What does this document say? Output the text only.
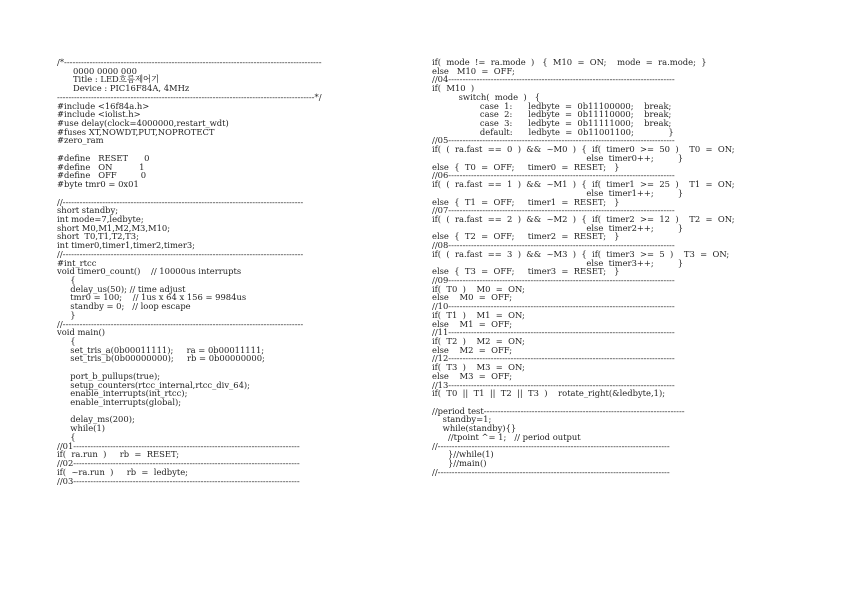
/*-------------------------------------------------------------------------------------------
0000 0000 000
Title : LED흐름제어기
Device : PIC16F84A, 4MHz
-------------------------------------------------------------------------------------------*/
#include <16f84a.h>
#include <iolist.h>
#use delay(clock=4000000,restart_wdt)
#fuses XT,NOWDT,PUT,NOPROTECT
#zero_ram
#define   RESET      0
#define   ON          1
#define   OFF         0
#byte tmr0 = 0x01
//-------------------------------------------------------------------------------------
short standby;
int mode=7,ledbyte;
short M0,M1,M2,M3,M10;
short  T0,T1,T2,T3;
int timer0,timer1,timer2,timer3;
//-------------------------------------------------------------------------------------
#int_rtcc
void timer0_count()    // 10000us interrupts
{
delay_us(50); // time adjust
tmr0 = 100;    // 1us x 64 x 156 = 9984us
standby = 0;   // loop escape
}
//-------------------------------------------------------------------------------------
void main()
{
set_tris_a(0b00011111);     ra = 0b00011111;
set_tris_b(0b00000000);     rb = 0b00000000;
port_b_pullups(true);
setup_counters(rtcc_internal,rtcc_div_64);
enable_interrupts(int_rtcc);
enable_interrupts(global);
delay_ms(200);
while(1)
{
//01--------------------------------------------------------------------------------
if(  ra.run  )     rb  =  RESET;
//02--------------------------------------------------------------------------------
if(  ~ra.run  )     rb  =  ledbyte;
//03--------------------------------------------------------------------------------
if(  mode  !=  ra.mode  )   {  M10  =  ON;    mode  =  ra.mode;  }
else   M10  =  OFF;
//04--------------------------------------------------------------------------------
if(  M10  )
switch(  mode  )   {
case  1:      ledbyte  =  0b11100000;    break;
case  2:      ledbyte  =  0b11110000;    break;
case  3:      ledbyte  =  0b11111000;    break;
default:      ledbyte  =  0b11001100;             }
//05--------------------------------------------------------------------------------
if(  (  ra.fast  ==  0  )  &&  ~M0  )  {  if(  timer0  >=  50  )    T0  =  ON;
else  timer0++;         }
else  {  T0  =  OFF;     timer0  =  RESET;   }
//06--------------------------------------------------------------------------------
if(  (  ra.fast  ==  1  )  &&  ~M1  )  {  if(  timer1  >=  25  )    T1  =  ON;
else  timer1++;         }
else  {  T1  =  OFF;     timer1  =  RESET;   }
//07--------------------------------------------------------------------------------
if(  (  ra.fast  ==  2  )  &&  ~M2  )  {  if(  timer2  >=  12  )    T2  =  ON;
else  timer2++;         }
else  {  T2  =  OFF;     timer2  =  RESET;   }
//08--------------------------------------------------------------------------------
if(  (  ra.fast  ==  3  )  &&  ~M3  )  {  if(  timer3  >=  5  )    T3  =  ON;
else  timer3++;         }
else  {  T3  =  OFF;     timer3  =  RESET;   }
//09--------------------------------------------------------------------------------
if(  T0  )    M0  =  ON;
else    M0  =  OFF;
//10--------------------------------------------------------------------------------
if(  T1  )    M1  =  ON;
else    M1  =  OFF;
//11--------------------------------------------------------------------------------
if(  T2  )    M2  =  ON;
else    M2  =  OFF;
//12--------------------------------------------------------------------------------
if(  T3  )    M3  =  ON;
else    M3  =  OFF;
//13--------------------------------------------------------------------------------
if(  T0  ||  T1  ||  T2  ||  T3  )    rotate_right(&ledbyte,1);
//period test-----------------------------------------------------------------------
standby=1;
while(standby){}
//tpoint ^= 1;   // period output
//----------------------------------------------------------------------------------
}//while(1)
}//main()
//----------------------------------------------------------------------------------
